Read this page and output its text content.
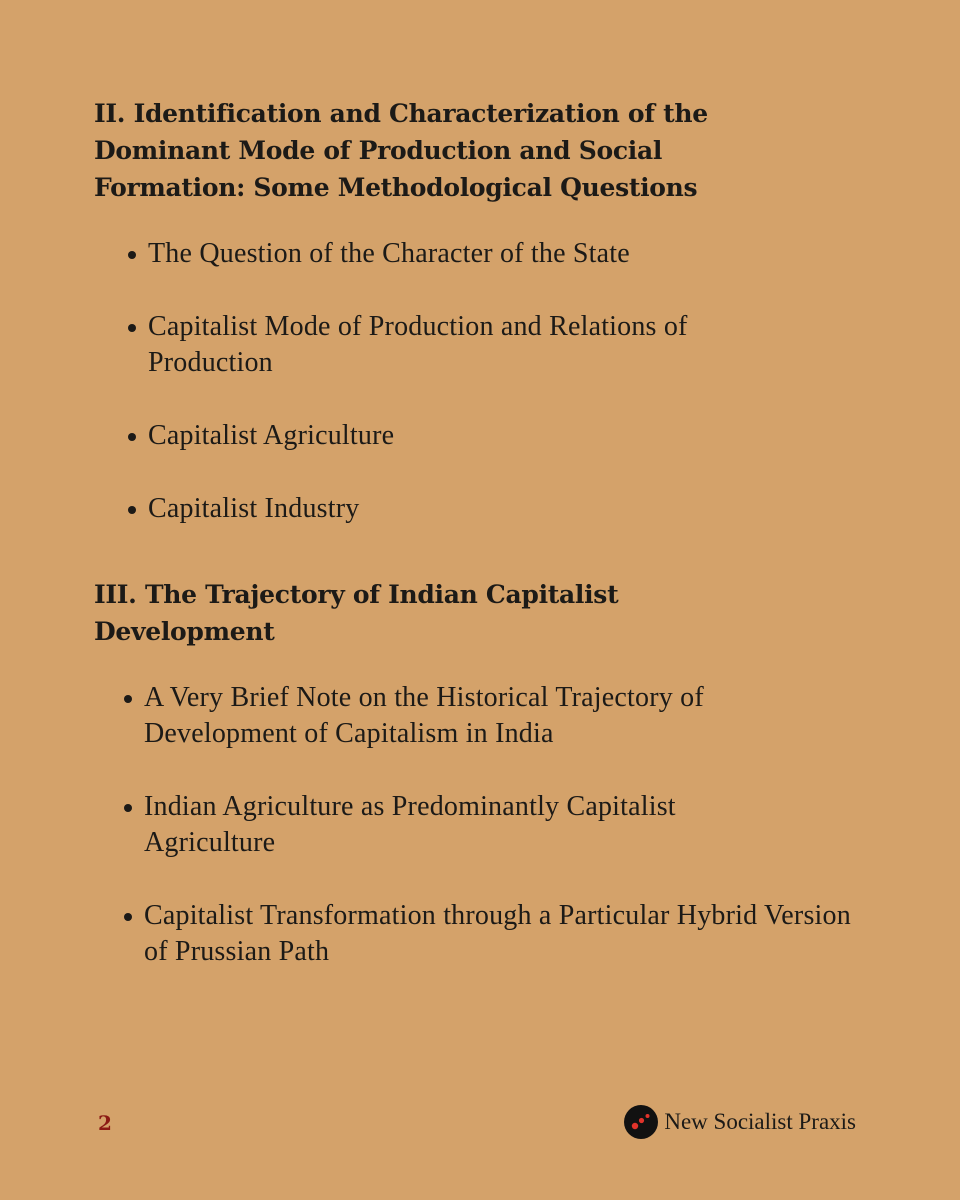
II. Identification and Characterization of the
Dominant Mode of Production and Social
Formation: Some Methodological Questions
The Question of the Character of the State
Capitalist Mode of Production and Relations of Production
Capitalist Agriculture
Capitalist Industry
III. The Trajectory of Indian Capitalist
Development
A Very Brief Note on the Historical Trajectory of Development of Capitalism in India
Indian Agriculture as Predominantly Capitalist Agriculture
Capitalist Transformation through a Particular Hybrid Version of Prussian Path
2	New Socialist Praxis
